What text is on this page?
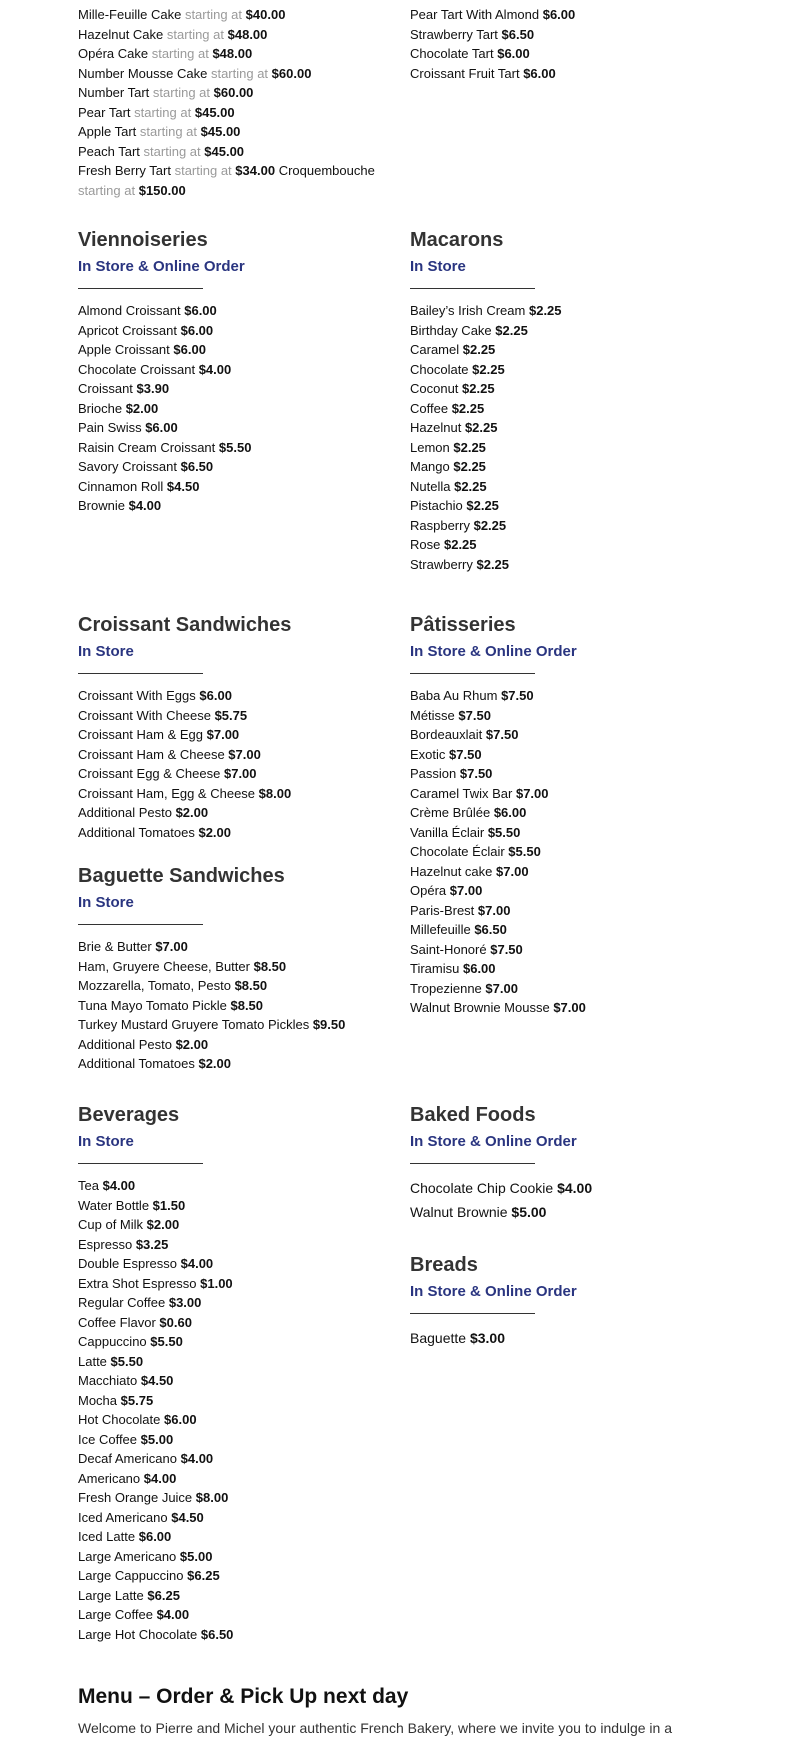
Mille-Feuille Cake starting at $40.00
Hazelnut Cake starting at $48.00
Opéra Cake starting at $48.00
Number Mousse Cake starting at $60.00
Number Tart starting at $60.00
Pear Tart starting at $45.00
Apple Tart starting at $45.00
Peach Tart starting at $45.00
Fresh Berry Tart starting at $34.00 Croquembouche starting at $150.00
Pear Tart With Almond $6.00
Strawberry Tart $6.50
Chocolate Tart $6.00
Croissant Fruit Tart $6.00
Viennoiseries
In Store & Online Order
Almond Croissant $6.00
Apricot Croissant $6.00
Apple Croissant $6.00
Chocolate Croissant $4.00
Croissant $3.90
Brioche $2.00
Pain Swiss $6.00
Raisin Cream Croissant $5.50
Savory Croissant $6.50
Cinnamon Roll $4.50
Brownie $4.00
Macarons
In Store
Bailey’s Irish Cream $2.25
Birthday Cake $2.25
Caramel $2.25
Chocolate $2.25
Coconut $2.25
Coffee $2.25
Hazelnut $2.25
Lemon $2.25
Mango $2.25
Nutella $2.25
Pistachio $2.25
Raspberry $2.25
Rose $2.25
Strawberry $2.25
Croissant Sandwiches
In Store
Croissant With Eggs $6.00
Croissant With Cheese $5.75
Croissant Ham & Egg $7.00
Croissant Ham & Cheese $7.00
Croissant Egg & Cheese $7.00
Croissant Ham, Egg & Cheese $8.00
Additional Pesto $2.00
Additional Tomatoes $2.00
Baguette Sandwiches
In Store
Brie & Butter $7.00
Ham, Gruyere Cheese, Butter $8.50
Mozzarella, Tomato, Pesto $8.50
Tuna Mayo Tomato Pickle $8.50
Turkey Mustard Gruyere Tomato Pickles $9.50
Additional Pesto $2.00
Additional Tomatoes $2.00
Pâtisseries
In Store & Online Order
Baba Au Rhum $7.50
Métisse $7.50
Bordeauxlait $7.50
Exotic $7.50
Passion $7.50
Caramel Twix Bar $7.00
Crème Brûlée $6.00
Vanilla Éclair $5.50
Chocolate Éclair $5.50
Hazelnut cake $7.00
Opéra $7.00
Paris-Brest $7.00
Millefeuille $6.50
Saint-Honoré $7.50
Tiramisu $6.00
Tropezienne $7.00
Walnut Brownie Mousse $7.00
Beverages
In Store
Tea $4.00
Water Bottle $1.50
Cup of Milk $2.00
Espresso $3.25
Double Espresso $4.00
Extra Shot Espresso $1.00
Regular Coffee $3.00
Coffee Flavor $0.60
Cappuccino $5.50
Latte $5.50
Macchiato $4.50
Mocha $5.75
Hot Chocolate $6.00
Ice Coffee $5.00
Decaf Americano $4.00
Americano $4.00
Fresh Orange Juice $8.00
Iced Americano $4.50
Iced Latte $6.00
Large Americano $5.00
Large Cappuccino $6.25
Large Latte $6.25
Large Coffee $4.00
Large Hot Chocolate $6.50
Baked Foods
In Store & Online Order
Chocolate Chip Cookie $4.00
Walnut Brownie $5.00
Breads
In Store & Online Order
Baguette $3.00
Menu – Order & Pick Up next day
Welcome to Pierre and Michel your authentic French Bakery, where we invite you to indulge in a
